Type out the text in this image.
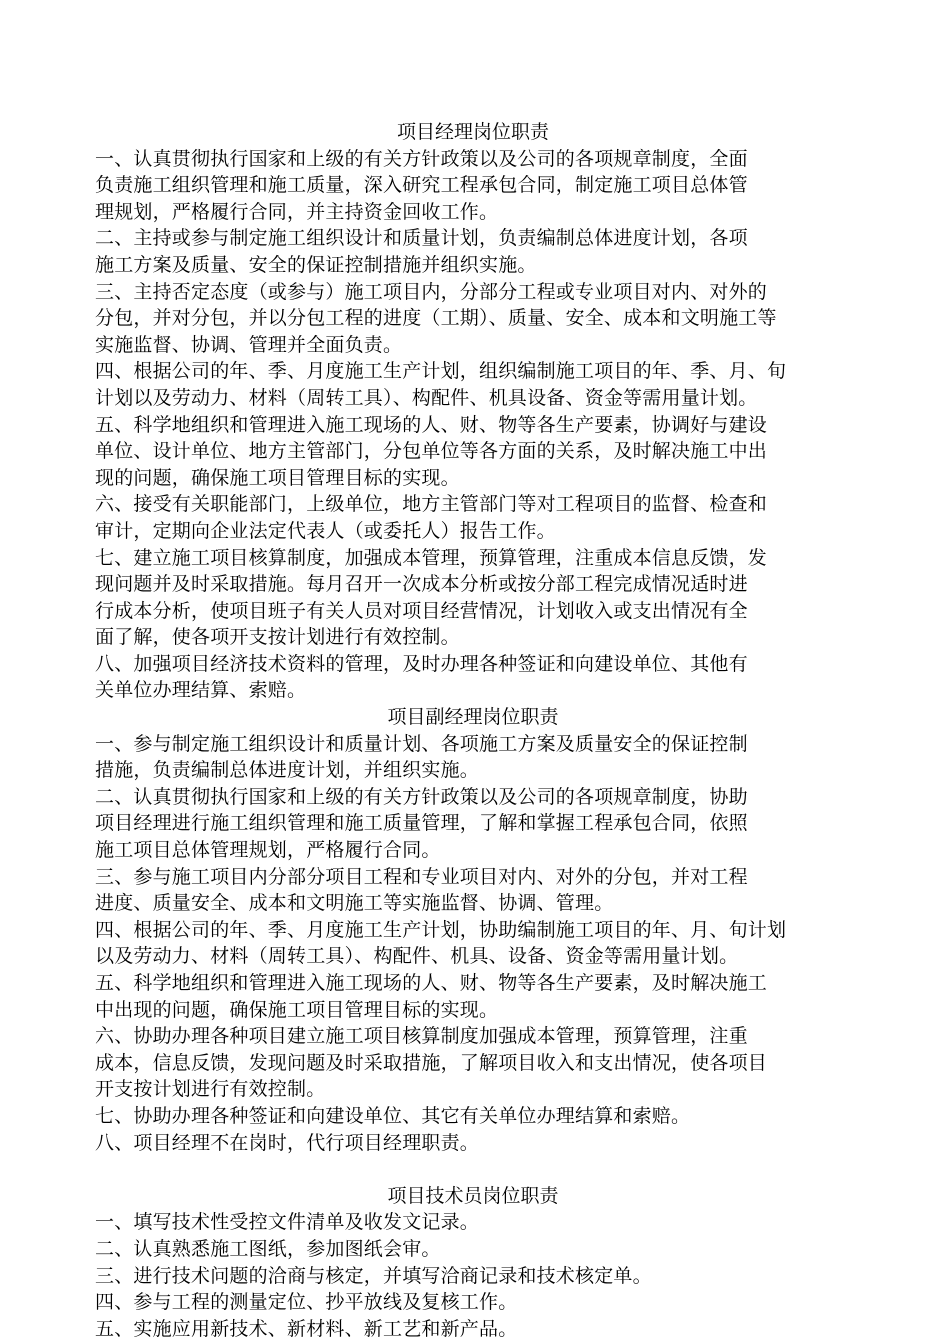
项目经理岗位职责
一、认真贯彻执行国家和上级的有关方针政策以及公司的各项规章制度，全面
负责施工组织管理和施工质量，深入研究工程承包合同，制定施工项目总体管
理规划，严格履行合同，并主持资金回收工作。
二、主持或参与制定施工组织设计和质量计划，负责编制总体进度计划，各项
施工方案及质量、安全的保证控制措施并组织实施。
三、主持否定态度（或参与）施工项目内，分部分工程或专业项目对内、对外的
分包，并对分包，并以分包工程的进度（工期）、质量、安全、成本和文明施工等
实施监督、协调、管理并全面负责。
四、根据公司的年、季、月度施工生产计划，组织编制施工项目的年、季、月、旬
计划以及劳动力、材料（周转工具）、构配件、机具设备、资金等需用量计划。
五、科学地组织和管理进入施工现场的人、财、物等各生产要素，协调好与建设
单位、设计单位、地方主管部门，分包单位等各方面的关系，及时解决施工中出
现的问题，确保施工项目管理目标的实现。
六、接受有关职能部门，上级单位，地方主管部门等对工程项目的监督、检查和
审计，定期向企业法定代表人（或委托人）报告工作。
七、建立施工项目核算制度，加强成本管理，预算管理，注重成本信息反馈，发
现问题并及时采取措施。每月召开一次成本分析或按分部工程完成情况适时进
行成本分析，使项目班子有关人员对项目经营情况，计划收入或支出情况有全
面了解，使各项开支按计划进行有效控制。
八、加强项目经济技术资料的管理，及时办理各种签证和向建设单位、其他有
关单位办理结算、索赔。
项目副经理岗位职责
一、参与制定施工组织设计和质量计划、各项施工方案及质量安全的保证控制
措施，负责编制总体进度计划，并组织实施。
二、认真贯彻执行国家和上级的有关方针政策以及公司的各项规章制度，协助
项目经理进行施工组织管理和施工质量管理，了解和掌握工程承包合同，依照
施工项目总体管理规划，严格履行合同。
三、参与施工项目内分部分项目工程和专业项目对内、对外的分包，并对工程
进度、质量安全、成本和文明施工等实施监督、协调、管理。
四、根据公司的年、季、月度施工生产计划，协助编制施工项目的年、月、旬计划
以及劳动力、材料（周转工具）、构配件、机具、设备、资金等需用量计划。
五、科学地组织和管理进入施工现场的人、财、物等各生产要素，及时解决施工
中出现的问题，确保施工项目管理目标的实现。
六、协助办理各种项目建立施工项目核算制度加强成本管理，预算管理，注重
成本，信息反馈，发现问题及时采取措施，了解项目收入和支出情况，使各项目
开支按计划进行有效控制。
七、协助办理各种签证和向建设单位、其它有关单位办理结算和索赔。
八、项目经理不在岗时，代行项目经理职责。
项目技术员岗位职责
一、填写技术性受控文件清单及收发文记录。
二、认真熟悉施工图纸，参加图纸会审。
三、进行技术问题的洽商与核定，并填写洽商记录和技术核定单。
四、参与工程的测量定位、抄平放线及复核工作。
五、实施应用新技术、新材料、新工艺和新产品。
